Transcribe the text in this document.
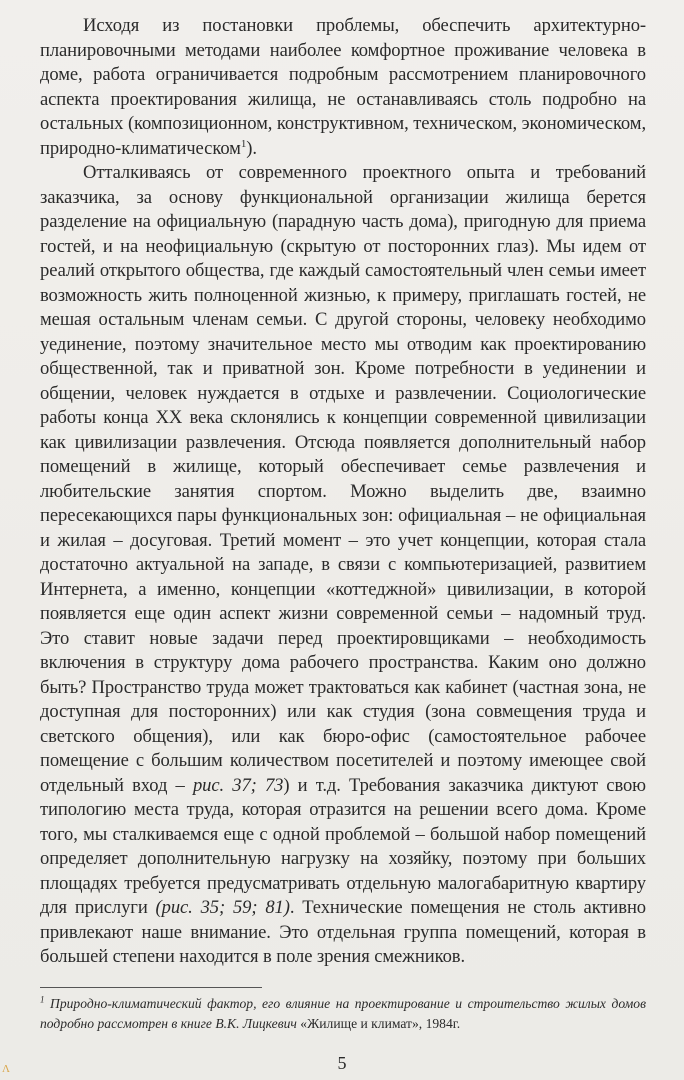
Исходя из постановки проблемы, обеспечить архитектурно-планировочными методами наиболее комфортное проживание человека в доме, работа ограничивается подробным рассмотрением планировочного аспекта проектирования жилища, не останавливаясь столь подробно на остальных (композиционном, конструктивном, техническом, экономическом, природно-климатическом$^1$).

Отталкиваясь от современного проектного опыта и требований заказчика, за основу функциональной организации жилища берется разделение на официальную (парадную часть дома), пригодную для приема гостей, и на неофициальную (скрытую от посторонних глаз). Мы идем от реалий открытого общества, где каждый самостоятельный член семьи имеет возможность жить полноценной жизнью, к примеру, приглашать гостей, не мешая остальным членам семьи. С другой стороны, человеку необходимо уединение, поэтому значительное место мы отводим как проектированию общественной, так и приватной зон. Кроме потребности в уединении и общении, человек нуждается в отдыхе и развлечении. Социологические работы конца XX века склонялись к концепции современной цивилизации как цивилизации развлечения. Отсюда появляется дополнительный набор помещений в жилище, который обеспечивает семье развлечения и любительские занятия спортом. Можно выделить две, взаимно пересекающихся пары функциональных зон: официальная – не официальная и жилая – досуговая. Третий момент – это учет концепции, которая стала достаточно актуальной на западе, в связи с компьютеризацией, развитием Интернета, а именно, концепции «коттеджной» цивилизации, в которой появляется еще один аспект жизни современной семьи – надомный труд. Это ставит новые задачи перед проектировщиками – необходимость включения в структуру дома рабочего пространства. Каким оно должно быть? Пространство труда может трактоваться как кабинет (частная зона, не доступная для посторонних) или как студия (зона совмещения труда и светского общения), или как бюро-офис (самостоятельное рабочее помещение с большим количеством посетителей и поэтому имеющее свой отдельный вход – рис. 37; 73) и т.д. Требования заказчика диктуют свою типологию места труда, которая отразится на решении всего дома. Кроме того, мы сталкиваемся еще с одной проблемой – большой набор помещений определяет дополнительную нагрузку на хозяйку, поэтому при больших площадях требуется предусматривать отдельную малогабаритную квартиру для прислуги (рис. 35; 59; 81). Технические помещения не столь активно привлекают наше внимание. Это отдельная группа помещений, которая в большей степени находится в поле зрения смежников.

$^1$ Природно-климатический фактор, его влияние на проектирование и строительство жилых домов подробно рассмотрен в книге В.К. Лицкевич «Жилище и климат», 1984г.
5
Λ
